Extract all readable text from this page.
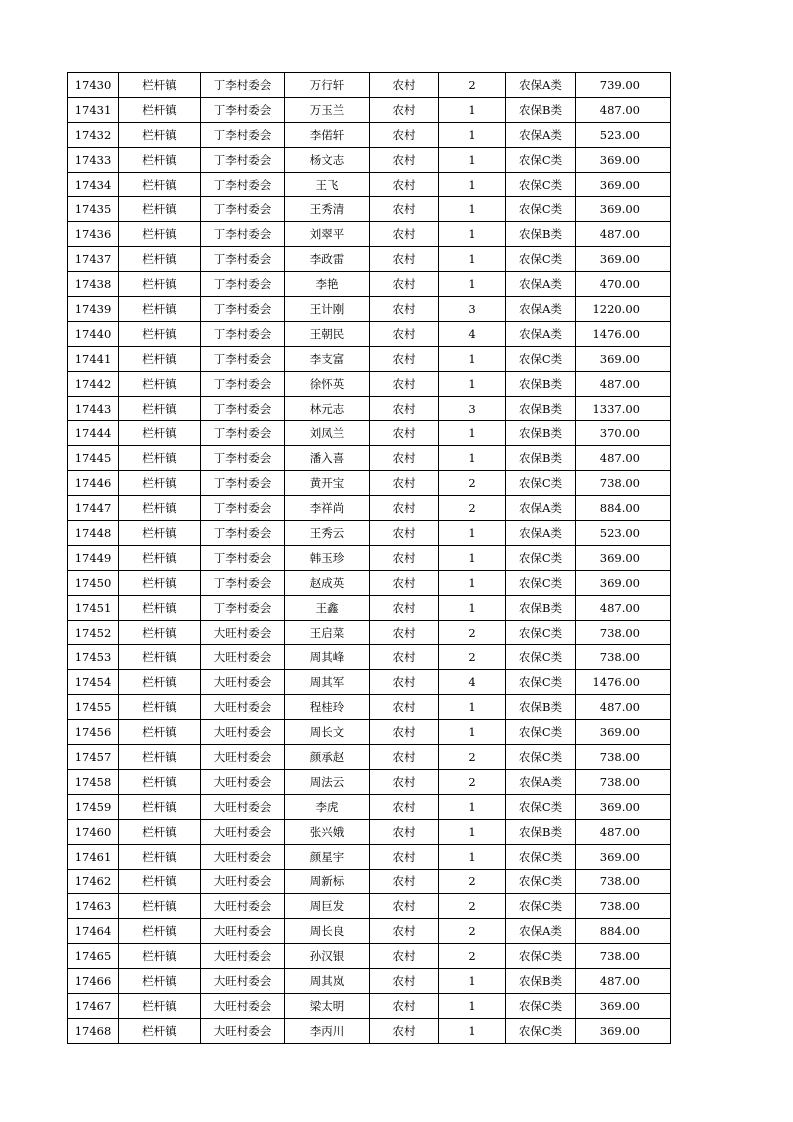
17430	栏杆镇	丁李村委会	万行轩	农村	2	农保A类	739.00
17431	栏杆镇	丁李村委会	万玉兰	农村	1	农保B类	487.00
17432	栏杆镇	丁李村委会	李偌轩	农村	1	农保A类	523.00
17433	栏杆镇	丁李村委会	杨文志	农村	1	农保C类	369.00
17434	栏杆镇	丁李村委会	王飞	农村	1	农保C类	369.00
17435	栏杆镇	丁李村委会	王秀清	农村	1	农保C类	369.00
17436	栏杆镇	丁李村委会	刘翠平	农村	1	农保B类	487.00
17437	栏杆镇	丁李村委会	李政雷	农村	1	农保C类	369.00
17438	栏杆镇	丁李村委会	李艳	农村	1	农保A类	470.00
17439	栏杆镇	丁李村委会	王计刚	农村	3	农保A类	1220.00
17440	栏杆镇	丁李村委会	王朝民	农村	4	农保A类	1476.00
17441	栏杆镇	丁李村委会	李支富	农村	1	农保C类	369.00
17442	栏杆镇	丁李村委会	徐怀英	农村	1	农保B类	487.00
17443	栏杆镇	丁李村委会	林元志	农村	3	农保B类	1337.00
17444	栏杆镇	丁李村委会	刘凤兰	农村	1	农保B类	370.00
17445	栏杆镇	丁李村委会	潘入喜	农村	1	农保B类	487.00
17446	栏杆镇	丁李村委会	黄开宝	农村	2	农保C类	738.00
17447	栏杆镇	丁李村委会	李祥尚	农村	2	农保A类	884.00
17448	栏杆镇	丁李村委会	王秀云	农村	1	农保A类	523.00
17449	栏杆镇	丁李村委会	韩玉珍	农村	1	农保C类	369.00
17450	栏杆镇	丁李村委会	赵成英	农村	1	农保C类	369.00
17451	栏杆镇	丁李村委会	王鑫	农村	1	农保B类	487.00
17452	栏杆镇	大旺村委会	王启菜	农村	2	农保C类	738.00
17453	栏杆镇	大旺村委会	周其峰	农村	2	农保C类	738.00
17454	栏杆镇	大旺村委会	周其军	农村	4	农保C类	1476.00
17455	栏杆镇	大旺村委会	程桂玲	农村	1	农保B类	487.00
17456	栏杆镇	大旺村委会	周长文	农村	1	农保C类	369.00
17457	栏杆镇	大旺村委会	颜承赵	农村	2	农保C类	738.00
17458	栏杆镇	大旺村委会	周法云	农村	2	农保A类	738.00
17459	栏杆镇	大旺村委会	李虎	农村	1	农保C类	369.00
17460	栏杆镇	大旺村委会	张兴娥	农村	1	农保B类	487.00
17461	栏杆镇	大旺村委会	颜星宇	农村	1	农保C类	369.00
17462	栏杆镇	大旺村委会	周新标	农村	2	农保C类	738.00
17463	栏杆镇	大旺村委会	周巨发	农村	2	农保C类	738.00
17464	栏杆镇	大旺村委会	周长良	农村	2	农保A类	884.00
17465	栏杆镇	大旺村委会	孙汉银	农村	2	农保C类	738.00
17466	栏杆镇	大旺村委会	周其岚	农村	1	农保B类	487.00
17467	栏杆镇	大旺村委会	梁太明	农村	1	农保C类	369.00
17468	栏杆镇	大旺村委会	李丙川	农村	1	农保C类	369.00
